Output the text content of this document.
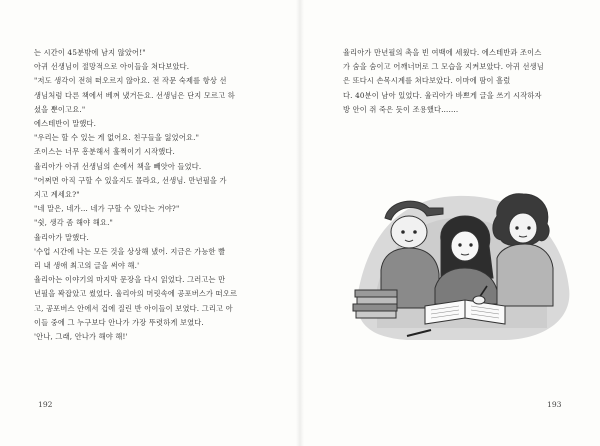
는 시간이 45분밖에 남지 않았어!"

아귀 선생님이 절망적으로 아이들을 쳐다보았다.

"저도 생각이 전혀 떠오르지 않아요. 전 작문 숙제를 항상 선

생님처럼 다른 책에서 베껴 냈거든요. 선생님은 단지 모르고 하

셨을 뿐이고요."

에스테반이 말했다.

"우리는 할 수 있는 게 없어요. 친구들을 잃었어요."

조이스는 너무 흥분해서 훌쩍이기 시작했다.

율리아가 아귀 선생님의 손에서 책을 빼앗아 들었다.

"어쩌면 아직 구할 수 있을지도 몰라요, 선생님. 만년필을 가

지고 계세요?"

"네 말은, 네가… 네가 구할 수 있다는 거야?"

"쉿, 생각 좀 해야 해요."

율리아가 말했다.

'수업 시간에 나는 모든 것을 상상해 냈어. 지금은 가능한 빨

리 내 생애 최고의 글을 써야 해.'

율리아는 이야기의 마지막 문장을 다시 읽었다. 그러고는 만

년필을 꽉잡았고 썼었다. 율리아의 머릿속에 공포버스가 떠오르

고, 공포버스 안에서 겁에 질린 반 아이들이 보였다. 그리고 아

이들 중에 그 누구보다 안나가 가장 뚜렷하게 보였다.

'안나, 그래, 안나가 해야 해!'

192

율리아가 만년필의 촉을 빈 여백에 세웠다. 에스테반과 조이스

가 숨을 숨이고 어깨너머로 그 모습을 지켜보았다. 아귀 선생님

은 또다시 손목시계를 쳐다보았다. 이마에 땀이 흘렀

다. 40분이 남아 있었다. 율리아가 바쁘게 글을 쓰기 시작하자

방 안이 쥐 죽은 듯이 조용했다…….

193
